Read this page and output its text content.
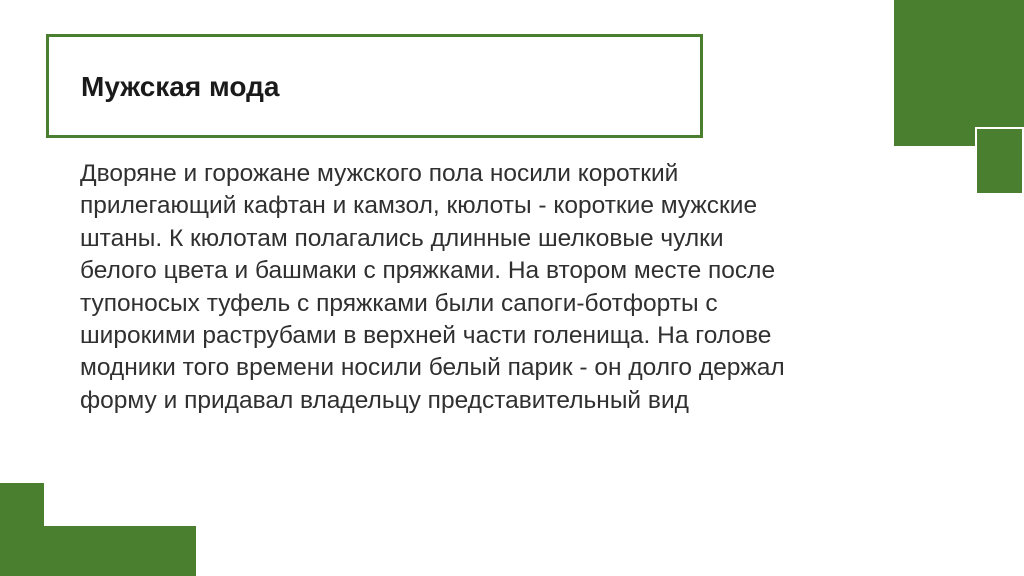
Мужская мода

Дворяне и горожане мужского пола носили короткий
прилегающий кафтан и камзол, кюлоты - короткие мужские
штаны. К кюлотам полагались длинные шелковые чулки
белого цвета и башмаки с пряжками. На втором месте после
тупоносых туфель с пряжками были сапоги-ботфорты с
широкими раструбами в верхней части голенища. На голове
модники того времени носили белый парик - он долго держал
форму и придавал владельцу представительный вид
